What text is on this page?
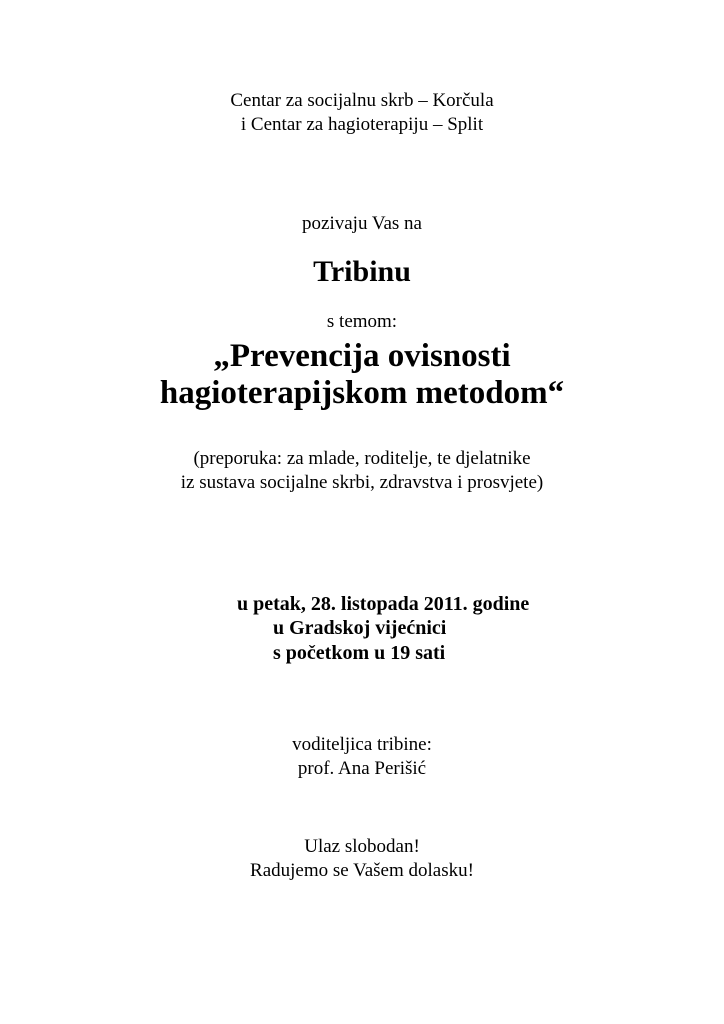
Centar za socijalnu skrb – Korčula
i Centar za hagioterapiju – Split
pozivaju Vas na
Tribinu
s temom:
„Prevencija ovisnosti
hagioterapijskom metodom“
(preporuka: za mlade, roditelje, te djelatnike
iz sustava socijalne skrbi, zdravstva i prosvjete)
u petak, 28. listopada 2011. godine
u Gradskoj vijećnici
s početkom u 19 sati
voditeljica tribine:
prof. Ana Perišić
Ulaz slobodan!
Radujemo se Vašem dolasku!
